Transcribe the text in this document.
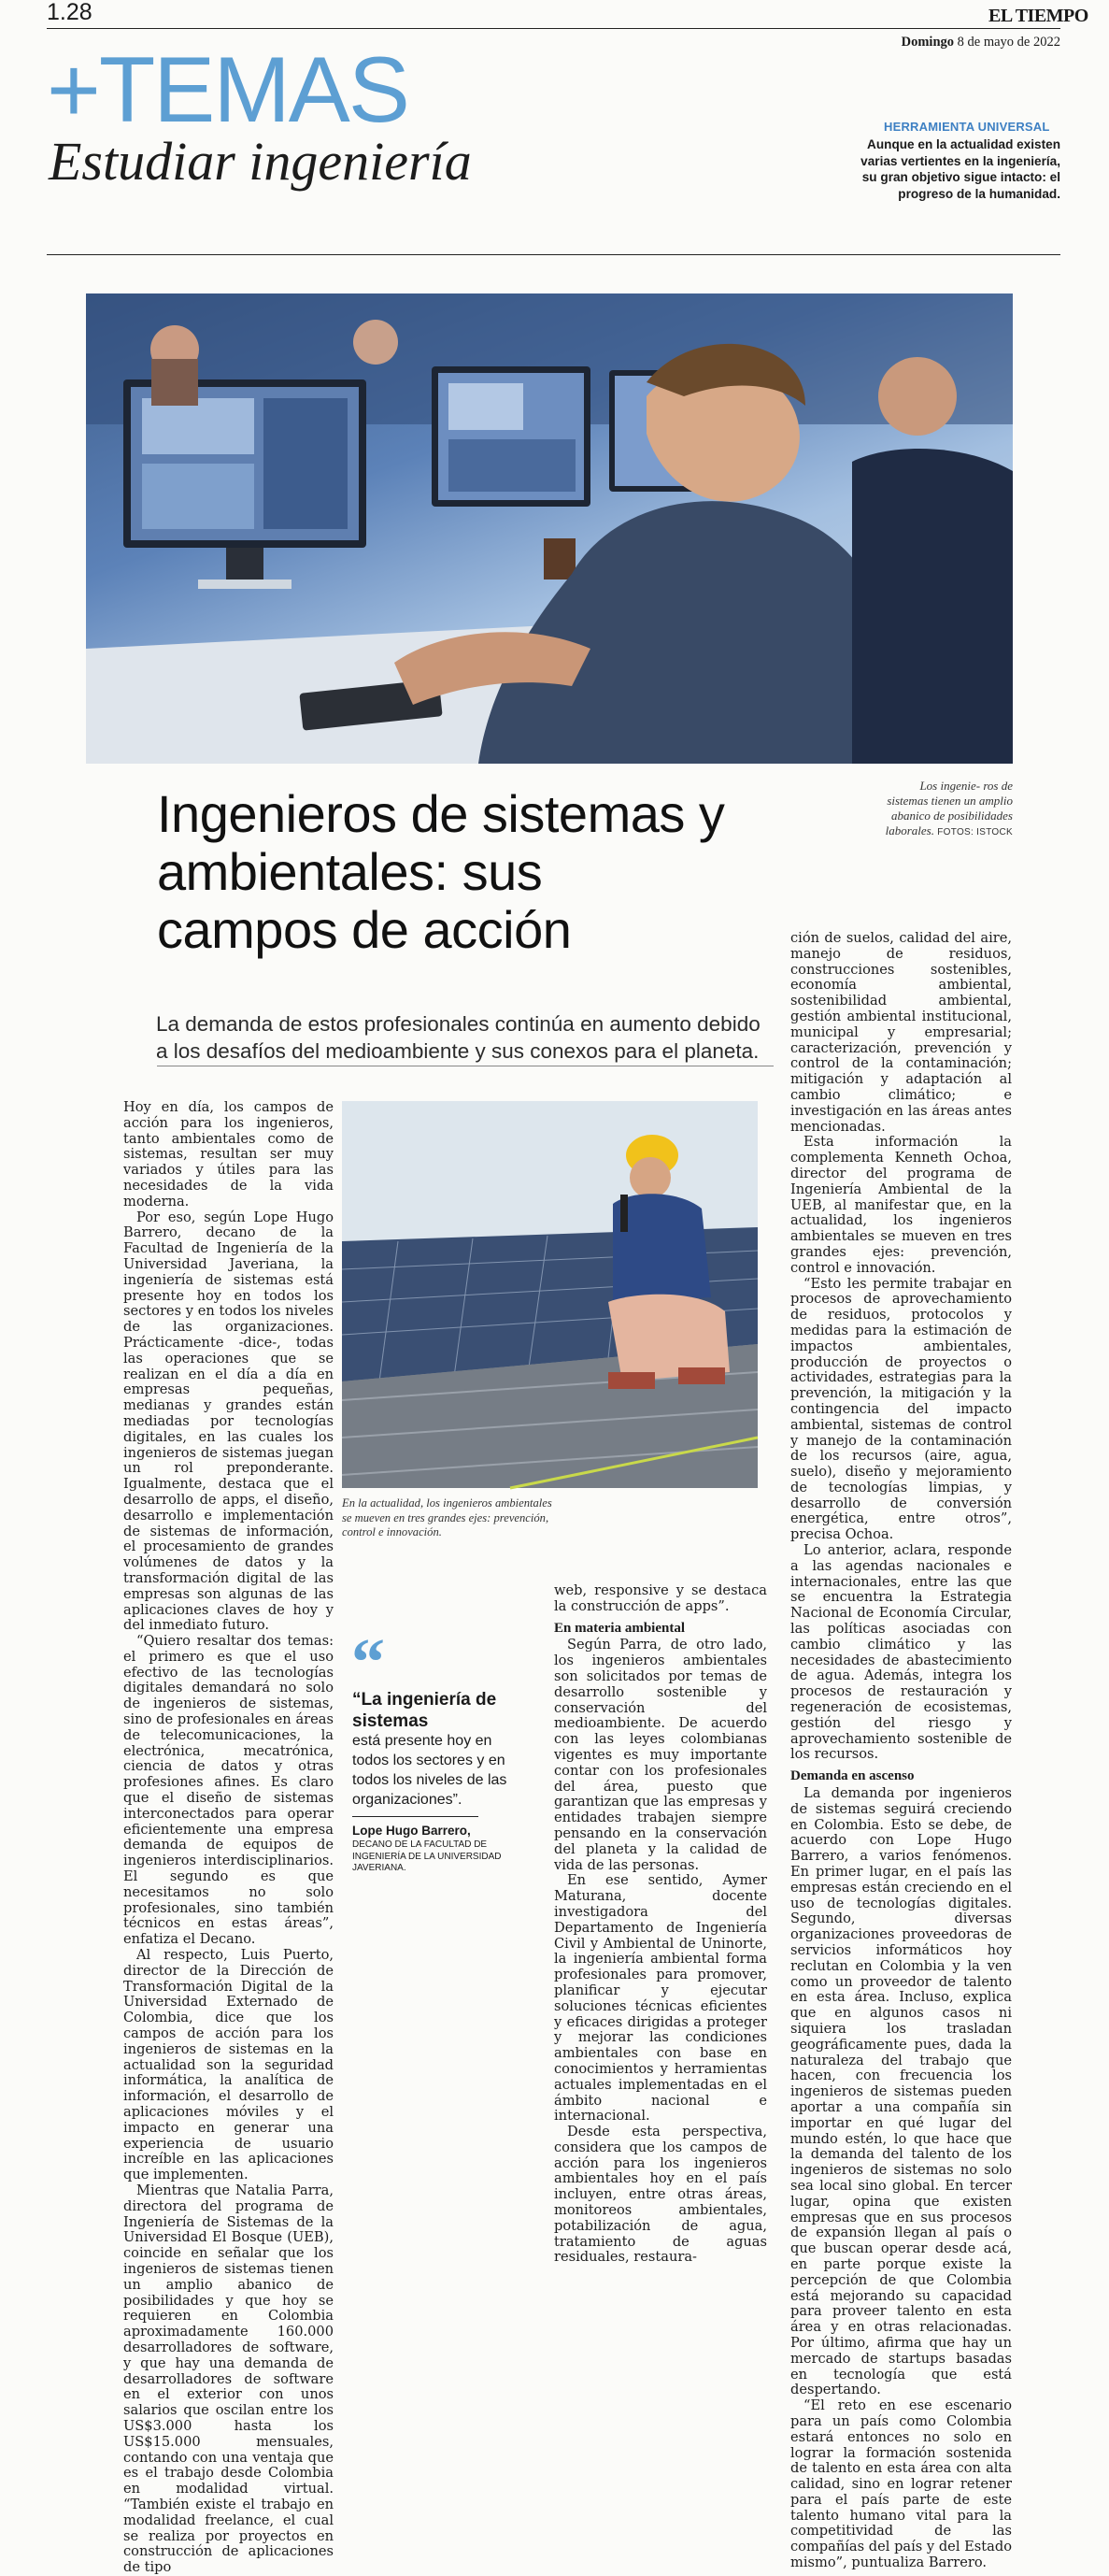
1.28	EL TIEMPO
Domingo 8 de mayo de 2022
+TEMAS
Estudiar ingeniería
HERRAMIENTA UNIVERSAL
Aunque en la actualidad existen varias vertientes en la ingeniería, su gran objetivo sigue intacto: el progreso de la humanidad.
Los ingenie- ros de sistemas tienen un amplio abanico de posibilidades laborales. FOTOS: ISTOCK
Ingenieros de sistemas y ambientales: sus campos de acción
La demanda de estos profesionales continúa en aumento debido a los desafíos del medioambiente y sus conexos para el planeta.

Hoy en día, los campos de acción para los ingenieros, tanto ambientales como de sistemas, resultan ser muy variados y útiles para las necesidades de la vida moderna.

Por eso, según Lope Hugo Barrero, decano de la Facultad de Ingeniería de la Universidad Javeriana, la ingeniería de sistemas está presente hoy en todos los sectores y en todos los niveles de las organizaciones. Prácticamente -dice-, todas las operaciones que se realizan en el día a día en empresas pequeñas, medianas y grandes están mediadas por tecnologías digitales, en las cuales los ingenieros de sistemas juegan un rol preponderante. Igualmente, destaca que el desarrollo de apps, el diseño, desarrollo e implementación de sistemas de información, el procesamiento de grandes volúmenes de datos y la transformación digital de las empresas son algunas de las aplicaciones claves de hoy y del inmediato futuro.

“Quiero resaltar dos temas: el primero es que el uso efectivo de las tecnologías digitales demandará no solo de ingenieros de sistemas, sino de profesionales en áreas de telecomunicaciones, la electrónica, mecatrónica, ciencia de datos y otras profesiones afines. Es claro que el diseño de sistemas interconectados para operar eficientemente una empresa demanda de equipos de ingenieros interdisciplinarios. El segundo es que necesitamos no solo profesionales, sino también técnicos en estas áreas”, enfatiza el Decano.

Al respecto, Luis Puerto, director de la Dirección de Transformación Digital de la Universidad Externado de Colombia, dice que los campos de acción para los ingenieros de sistemas en la actualidad son la seguridad informática, la analítica de información, el desarrollo de aplicaciones móviles y el impacto en generar una experiencia de usuario increíble en las aplicaciones que implementen.

Mientras que Natalia Parra, directora del programa de Ingeniería de Sistemas de la Universidad El Bosque (UEB), coincide en señalar que los ingenieros de sistemas tienen un amplio abanico de posibilidades y que hoy se requieren en Colombia aproximadamente 160.000 desarrolladores de software, y que hay una demanda de desarrolladores de software en el exterior con unos salarios que oscilan entre los US$3.000 hasta los US$15.000 mensuales, contando con una ventaja que es el trabajo desde Colombia en modalidad virtual. “También existe el trabajo en modalidad freelance, el cual se realiza por proyectos en construcción de aplicaciones de tipo

En la actualidad, los ingenieros ambientales se mueven en tres grandes ejes: prevención, control e innovación.
“
“La ingeniería de sistemas
está presente hoy en todos los sectores y en todos los niveles de las organizaciones”.
Lope Hugo Barrero,
DECANO DE LA FACULTAD DE INGENIERÍA DE LA UNIVERSIDAD JAVERIANA.

web, responsive y se destaca la construcción de apps”.

En materia ambiental

Según Parra, de otro lado, los ingenieros ambientales son solicitados por temas de desarrollo sostenible y conservación del medioambiente. De acuerdo con las leyes colombianas vigentes es muy importante contar con los profesionales del área, puesto que garantizan que las empresas y entidades trabajen siempre pensando en la conservación del planeta y la calidad de vida de las personas.

En ese sentido, Aymer Maturana, docente investigadora del Departamento de Ingeniería Civil y Ambiental de Uninorte, la ingeniería ambiental forma profesionales para promover, planificar y ejecutar soluciones técnicas eficientes y eficaces dirigidas a proteger y mejorar las condiciones ambientales con base en conocimientos y herramientas actuales implementadas en el ámbito nacional e internacional.

Desde esta perspectiva, considera que los campos de acción para los ingenieros ambientales hoy en el país incluyen, entre otras áreas, monitoreos ambientales, potabilización de agua, tratamiento de aguas residuales, restaura-

ción de suelos, calidad del aire, manejo de residuos, construcciones sostenibles, economía ambiental, sostenibilidad ambiental, gestión ambiental institucional, municipal y empresarial; caracterización, prevención y control de la contaminación; mitigación y adaptación al cambio climático; e investigación en las áreas antes mencionadas.

Esta información la complementa Kenneth Ochoa, director del programa de Ingeniería Ambiental de la UEB, al manifestar que, en la actualidad, los ingenieros ambientales se mueven en tres grandes ejes: prevención, control e innovación.

“Esto les permite trabajar en procesos de aprovechamiento de residuos, protocolos y medidas para la estimación de impactos ambientales, producción de proyectos o actividades, estrategias para la prevención, la mitigación y la contingencia del impacto ambiental, sistemas de control y manejo de la contaminación de los recursos (aire, agua, suelo), diseño y mejoramiento de tecnologías limpias, y desarrollo de conversión energética, entre otros”, precisa Ochoa.

Lo anterior, aclara, responde a las agendas nacionales e internacionales, entre las que se encuentra la Estrategia Nacional de Economía Circular, las políticas asociadas con cambio climático y las necesidades de abastecimiento de agua. Además, integra los procesos de restauración y regeneración de ecosistemas, gestión del riesgo y aprovechamiento sostenible de los recursos.

Demanda en ascenso

La demanda por ingenieros de sistemas seguirá creciendo en Colombia. Esto se debe, de acuerdo con Lope Hugo Barrero, a varios fenómenos. En primer lugar, en el país las empresas están creciendo en el uso de tecnologías digitales. Segundo, diversas organizaciones proveedoras de servicios informáticos hoy reclutan en Colombia y la ven como un proveedor de talento en esta área. Incluso, explica que en algunos casos ni siquiera los trasladan geográficamente pues, dada la naturaleza del trabajo que hacen, con frecuencia los ingenieros de sistemas pueden aportar a una compañía sin importar en qué lugar del mundo estén, lo que hace que la demanda del talento de los ingenieros de sistemas no solo sea local sino global. En tercer lugar, opina que existen empresas que en sus procesos de expansión llegan al país o que buscan operar desde acá, en parte porque existe la percepción de que Colombia está mejorando su capacidad para proveer talento en esta área y en otras relacionadas. Por último, afirma que hay un mercado de startups basadas en tecnología que está despertando.

“El reto en ese escenario para un país como Colombia estará entonces no solo en lograr la formación sostenida de talento en esta área con alta calidad, sino en lograr retener para el país parte de este talento humano vital para la competitividad de las compañías del país y del Estado mismo”, puntualiza Barrero.
